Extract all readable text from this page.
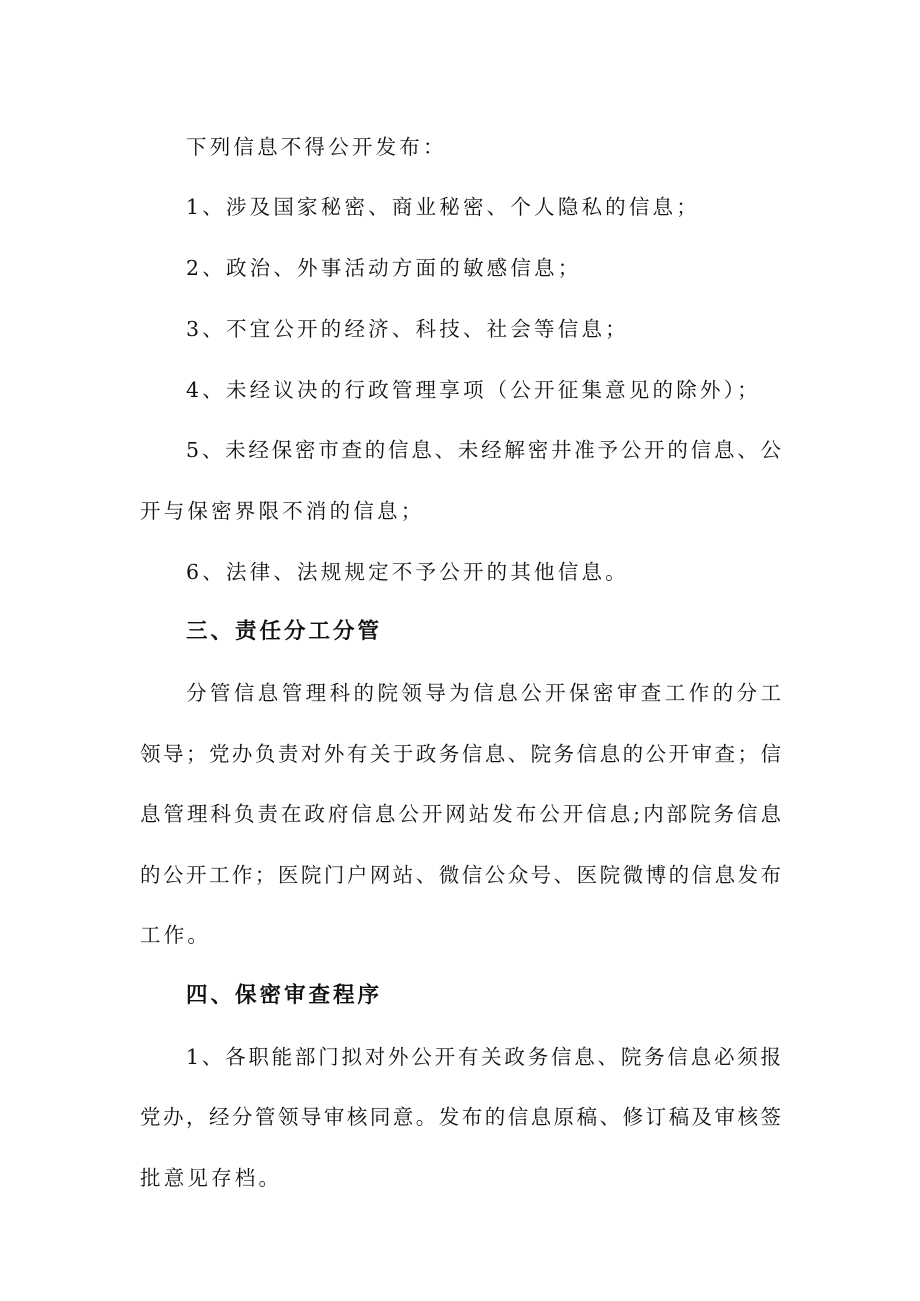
下列信息不得公开发布：
1、涉及国家秘密、商业秘密、个人隐私的信息；
2、政治、外事活动方面的敏感信息；
3、不宜公开的经济、科技、社会等信息；
4、未经议决的行政管理享项（公开征集意见的除外）；
5、未经保密市查的信息、未经解密井准予公开的信息、公
开与保密界限不消的信息；
6、法律、法规规定不予公开的其他信息。
三、责任分工分管
分管信息管理科的院领导为信息公开保密审查工作的分工
领导；党办负责对外有关于政务信息、院务信息的公开审查；信
息管理科负责在政府信息公开网站发布公开信息;内部院务信息
的公开工作；医院门户网站、微信公众号、医院微博的信息发布
工作。
四、保密审查程序
1、各职能部门拟对外公开有关政务信息、院务信息必须报
党办，经分管领导审核同意。发布的信息原稿、修订稿及审核签
批意见存档。
